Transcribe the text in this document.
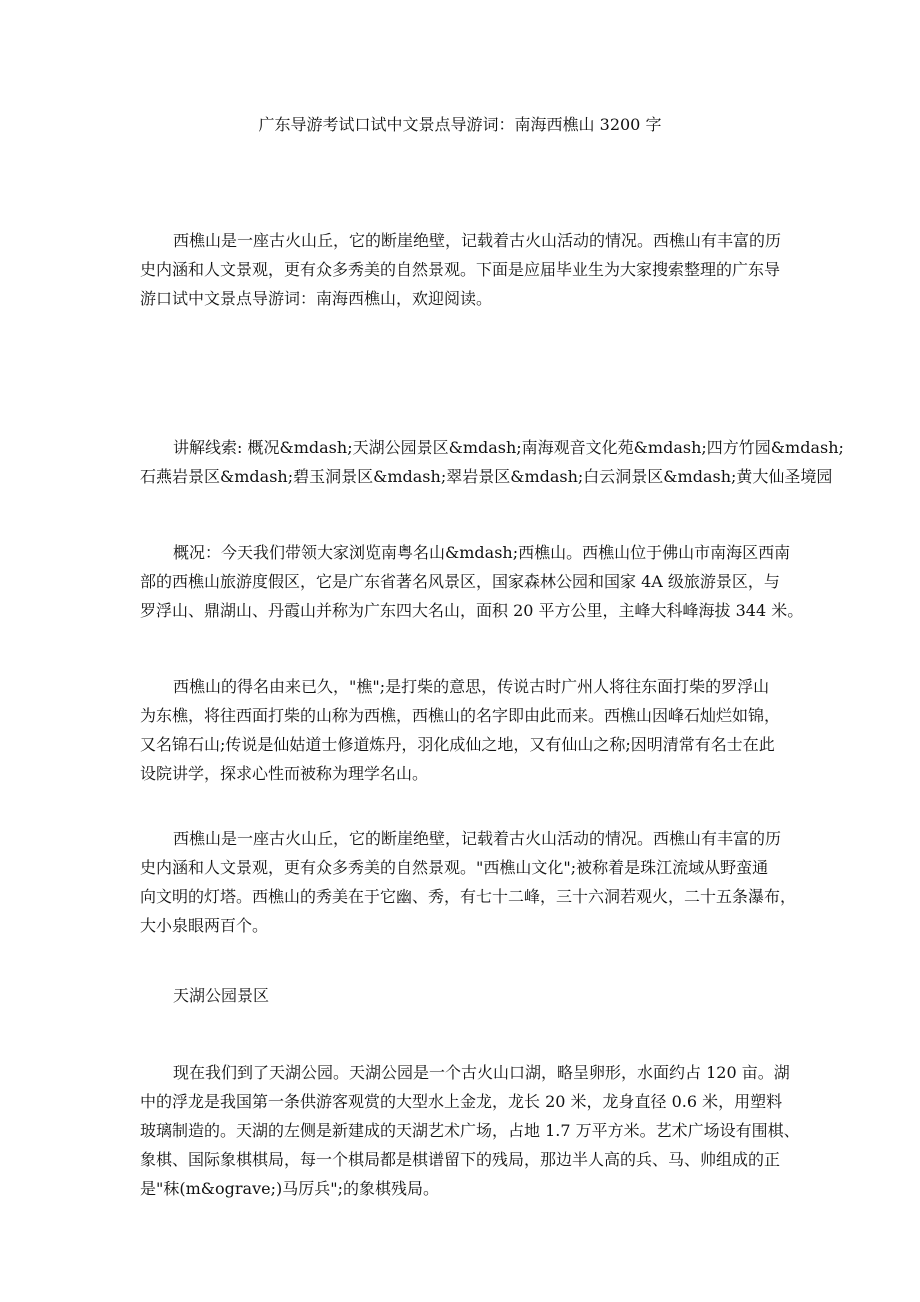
广东导游考试口试中文景点导游词：南海西樵山 3200 字
西樵山是一座古火山丘，它的断崖绝壁，记载着古火山活动的情况。西樵山有丰富的历
史内涵和人文景观，更有众多秀美的自然景观。下面是应届毕业生为大家搜索整理的广东导
游口试中文景点导游词：南海西樵山，欢迎阅读。
讲解线索: 概况&mdash;天湖公园景区&mdash;南海观音文化苑&mdash;四方竹园&mdash;
石燕岩景区&mdash;碧玉洞景区&mdash;翠岩景区&mdash;白云洞景区&mdash;黄大仙圣境园
概况：今天我们带领大家浏览南粤名山&mdash;西樵山。西樵山位于佛山市南海区西南
部的西樵山旅游度假区，它是广东省著名风景区，国家森林公园和国家 4A 级旅游景区，与
罗浮山、鼎湖山、丹霞山并称为广东四大名山，面积 20 平方公里，主峰大科峰海拔 344 米。
西樵山的得名由来已久，"樵";是打柴的意思，传说古时广州人将往东面打柴的罗浮山
为东樵，将往西面打柴的山称为西樵，西樵山的名字即由此而来。西樵山因峰石灿烂如锦，
又名锦石山;传说是仙姑道士修道炼丹，羽化成仙之地，又有仙山之称;因明清常有名士在此
设院讲学，探求心性而被称为理学名山。
西樵山是一座古火山丘，它的断崖绝壁，记载着古火山活动的情况。西樵山有丰富的历
史内涵和人文景观，更有众多秀美的自然景观。"西樵山文化";被称着是珠江流域从野蛮通
向文明的灯塔。西樵山的秀美在于它幽、秀，有七十二峰，三十六洞若观火，二十五条瀑布，
大小泉眼两百个。
天湖公园景区
现在我们到了天湖公园。天湖公园是一个古火山口湖，略呈卵形，水面约占 120 亩。湖
中的浮龙是我国第一条供游客观赏的大型水上金龙，龙长 20 米，龙身直径 0.6 米，用塑料
玻璃制造的。天湖的左侧是新建成的天湖艺术广场，占地 1.7 万平方米。艺术广场设有围棋、
象棋、国际象棋棋局，每一个棋局都是棋谱留下的残局，那边半人高的兵、马、帅组成的正
是"秣(m&ograve;)马厉兵";的象棋残局。
